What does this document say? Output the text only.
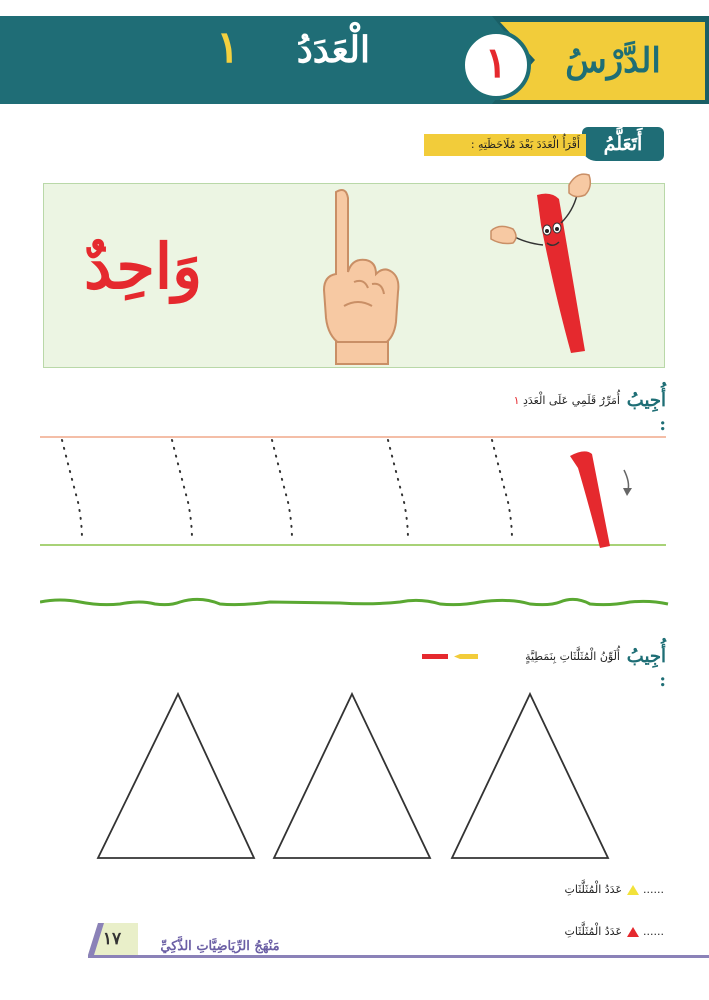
الْعَدَدُ
١	الدَّرْسُ
١
أَتَعَلَّمُ
أَقْرَأُ الْعَدَدَ بَعْدَ مُلَاحَظَتِهِ :
وَاحِدٌ
أُجِيبُ :
أُمَرِّرُ قَلَمِي عَلَى الْعَدَدِ ١
أُجِيبُ :
أُلَوِّنُ الْمُثَلَّثَاتِ بِنَمَطِيَّةٍ
عَدَدُ الْمُثَلَّثَاتِ ......
عَدَدُ الْمُثَلَّثَاتِ ......
١٧	مَنْهَجُ الرِّيَاضِيَّاتِ الذَّكِيِّ
